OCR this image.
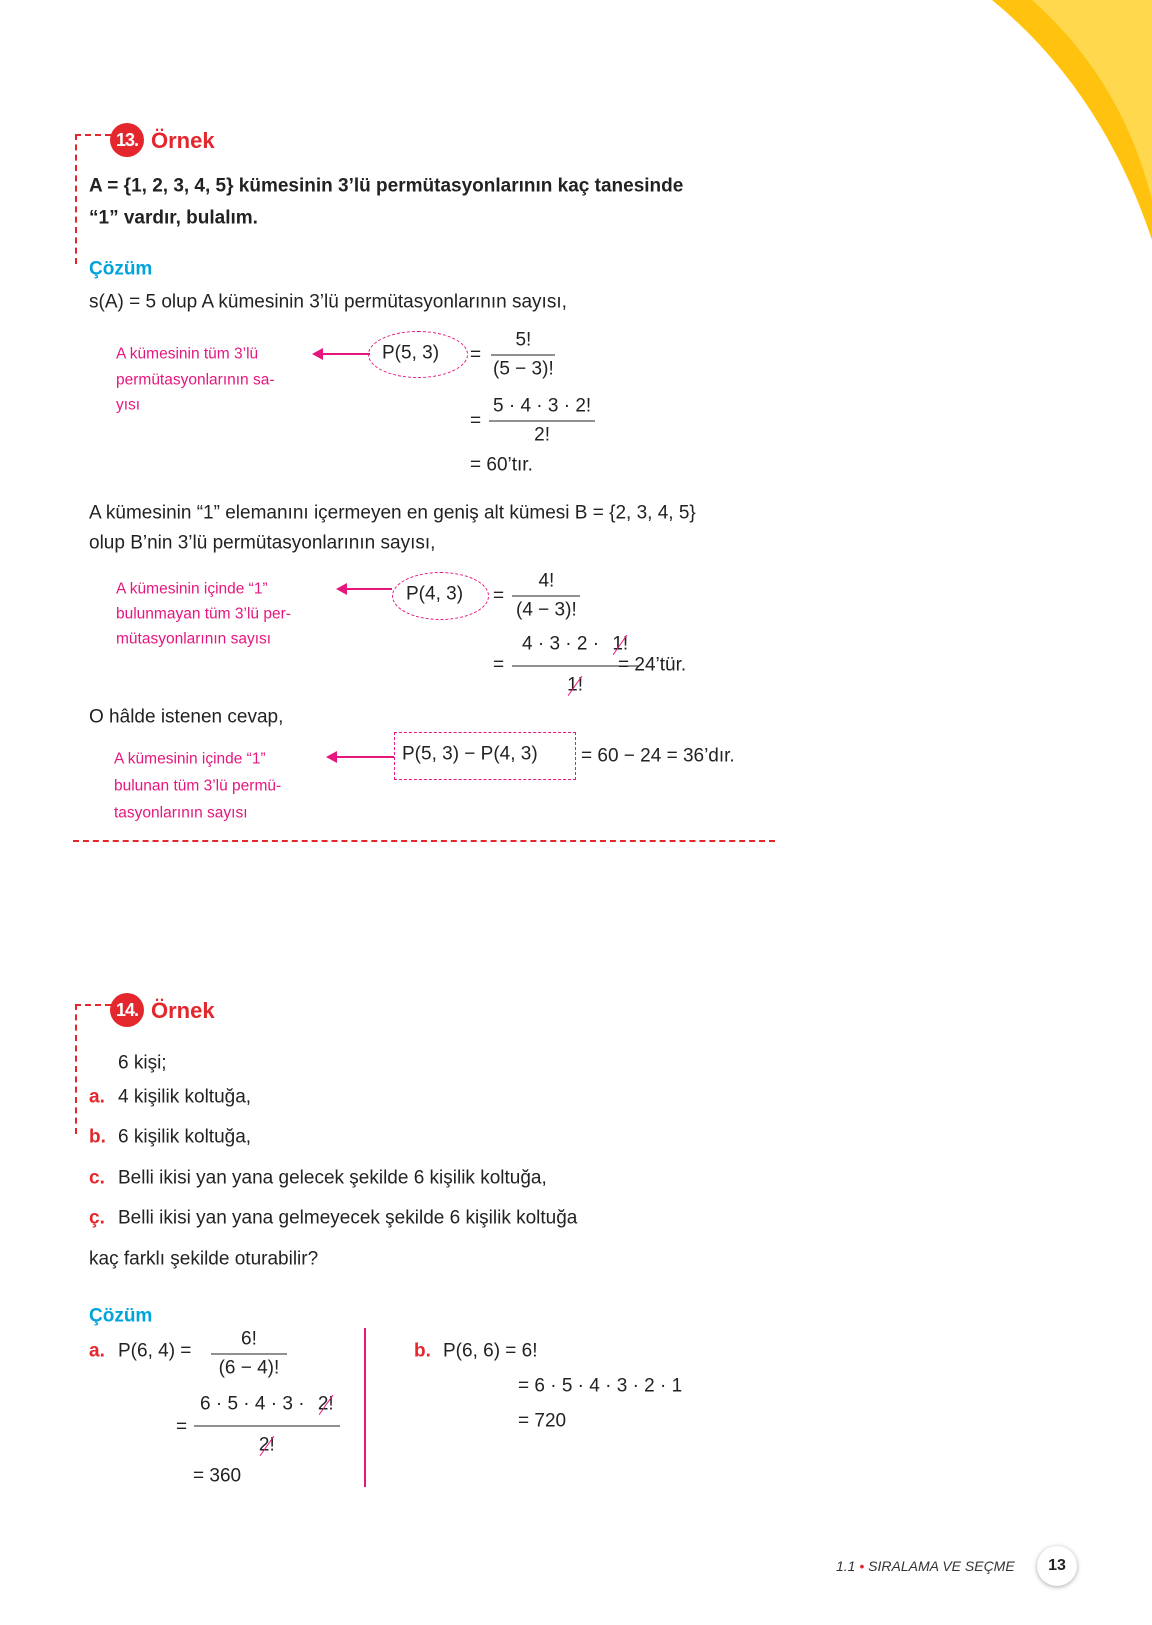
13. Örnek
A = {1, 2, 3, 4, 5} kümesinin 3’lü permütasyonlarının kaç tanesinde
“1” vardır, bulalım.
Çözüm
s(A) = 5 olup A kümesinin 3’lü permütasyonlarının sayısı,
A kümesinin tüm 3’lü
permütasyonlarının sa-
yısı
P(5, $3) = \frac{5!}{(5 - 3)!}$
= $\frac{5 \cdot 4 \cdot 3 \cdot 2!}{2!}$
= 60’tır.
A kümesinin “1” elemanını içermeyen en geniş alt kümesi B = {2, 3, 4, 5}
olup B’nin 3’lü permütasyonlarının sayısı,
A kümesinin içinde “1”
bulunmayan tüm 3’lü per-
mütasyonlarının sayısı
P(4, $3) = \frac{4!}{(4 - 3)!}$
= $\frac{4 \cdot 3 \cdot 2 \cdot 1!}{1!}$
= 24’tür.
O hâlde istenen cevap,
A kümesinin içinde “1”
bulunan tüm 3’lü permü-
tasyonlarının sayısı
P(5, 3) − P(4, 3) = 60 − 24 = 36’dır.
14. Örnek
6 kişi;
a. 4 kişilik koltuğa,
b. 6 kişilik koltuğa,
c. Belli ikisi yan yana gelecek şekilde 6 kişilik koltuğa,
ç. Belli ikisi yan yana gelmeyecek şekilde 6 kişilik koltuğa
kaç farklı şekilde oturabilir?
Çözüm
a. P(6, $4) = \frac{6!}{(6 - 4)!}$
= $\frac{6 \cdot 5 \cdot 4 \cdot 3 \cdot 2!}{2!}$
= 360
b. P(6, 6) = 6!
= 6 · 5 · 4 · 3 · 2 · 1
= 720
1.1 • SIRALAMA VE SEÇME	13
